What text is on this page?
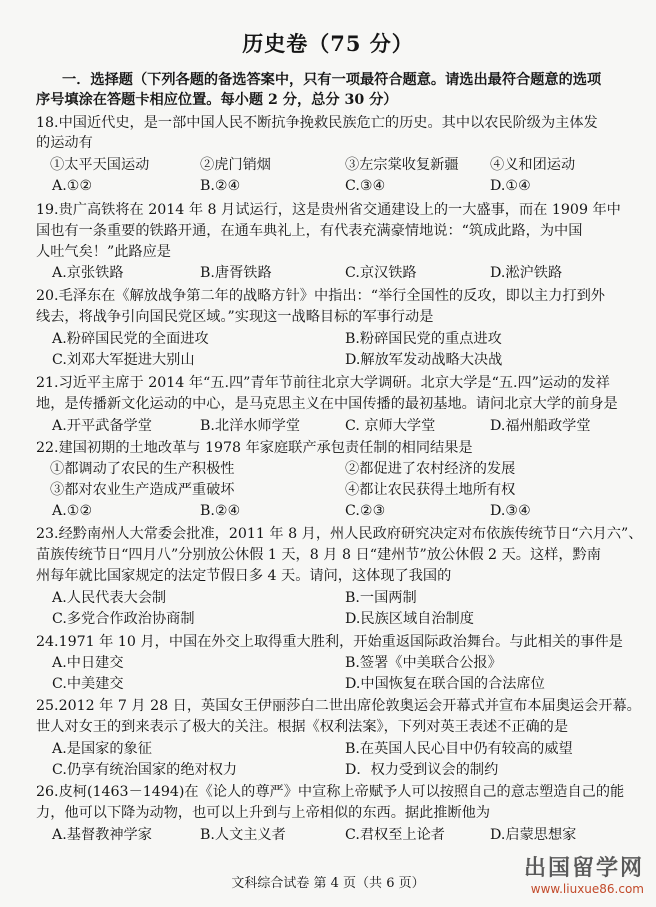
历史卷（75 分）
一．选择题（下列各题的备选答案中，只有一项最符合题意。请选出最符合题意的选项
序号填涂在答题卡相应位置。每小题 2 分，总分 30 分）
18.中国近代史，是一部中国人民不断抗争挽救民族危亡的历史。其中以农民阶级为主体发
的运动有
①太平天国运动	②虎门销烟	③左宗棠收复新疆 ④义和团运动
A.①②	B.②④	C.③④	D.①④
19.贵广高铁将在 2014 年 8 月试运行，这是贵州省交通建设上的一大盛事，而在 1909 年中
国也有一条重要的铁路开通，在通车典礼上，有代表充满豪情地说：“筑成此路，为中国
人吐气矣！”此路应是
A.京张铁路	B.唐胥铁路	C.京汉铁路	D.淞沪铁路
20.毛泽东在《解放战争第二年的战略方针》中指出：“举行全国性的反攻，即以主力打到外
线去，将战争引向国民党区域。”实现这一战略目标的军事行动是
A.粉碎国民党的全面进攻	B.粉碎国民党的重点进攻
C.刘邓大军挺进大别山	D.解放军发动战略大决战
21.习近平主席于 2014 年“五.四”青年节前往北京大学调研。北京大学是“五.四”运动的发祥
地，是传播新文化运动的中心，是马克思主义在中国传播的最初基地。请问北京大学的前身是
A.开平武备学堂	B.北洋水师学堂	C. 京师大学堂	D.福州船政学堂
22.建国初期的土地改革与 1978 年家庭联产承包责任制的相同结果是
①都调动了农民的生产积极性	②都促进了农村经济的发展
③都对农业生产造成严重破坏	④都让农民获得土地所有权
A.①②	B.②④	C.②③	D.③④
23.经黔南州人大常委会批准，2011 年 8 月，州人民政府研究决定对布依族传统节日“六月六”、
苗族传统节日“四月八”分别放公休假 1 天，8 月 8 日“建州节”放公休假 2 天。这样，黔南
州每年就比国家规定的法定节假日多 4 天。请问，这体现了我国的
A.人民代表大会制	B.一国两制
C.多党合作政治协商制	D.民族区域自治制度
24.1971 年 10 月，中国在外交上取得重大胜利，开始重返国际政治舞台。与此相关的事件是
A.中日建交	B.签署《中美联合公报》
C.中美建交	D.中国恢复在联合国的合法席位
25.2012 年 7 月 28 日，英国女王伊丽莎白二世出席伦敦奥运会开幕式并宣布本届奥运会开幕。
世人对女王的到来表示了极大的关注。根据《权利法案》，下列对英王表述不正确的是
A.是国家的象征	B.在英国人民心目中仍有较高的威望
C.仍享有统治国家的绝对权力	D．权力受到议会的制约
26.皮柯(1463－1494)在《论人的尊严》中宣称上帝赋予人可以按照自己的意志塑造自己的能
力，他可以下降为动物，也可以上升到与上帝相似的东西。据此推断他为
A.基督教神学家	B.人文主义者	C.君权至上论者	D.启蒙思想家
文科综合试卷 第 4 页（共 6 页）
出国留学网
www.liuxue86.com
